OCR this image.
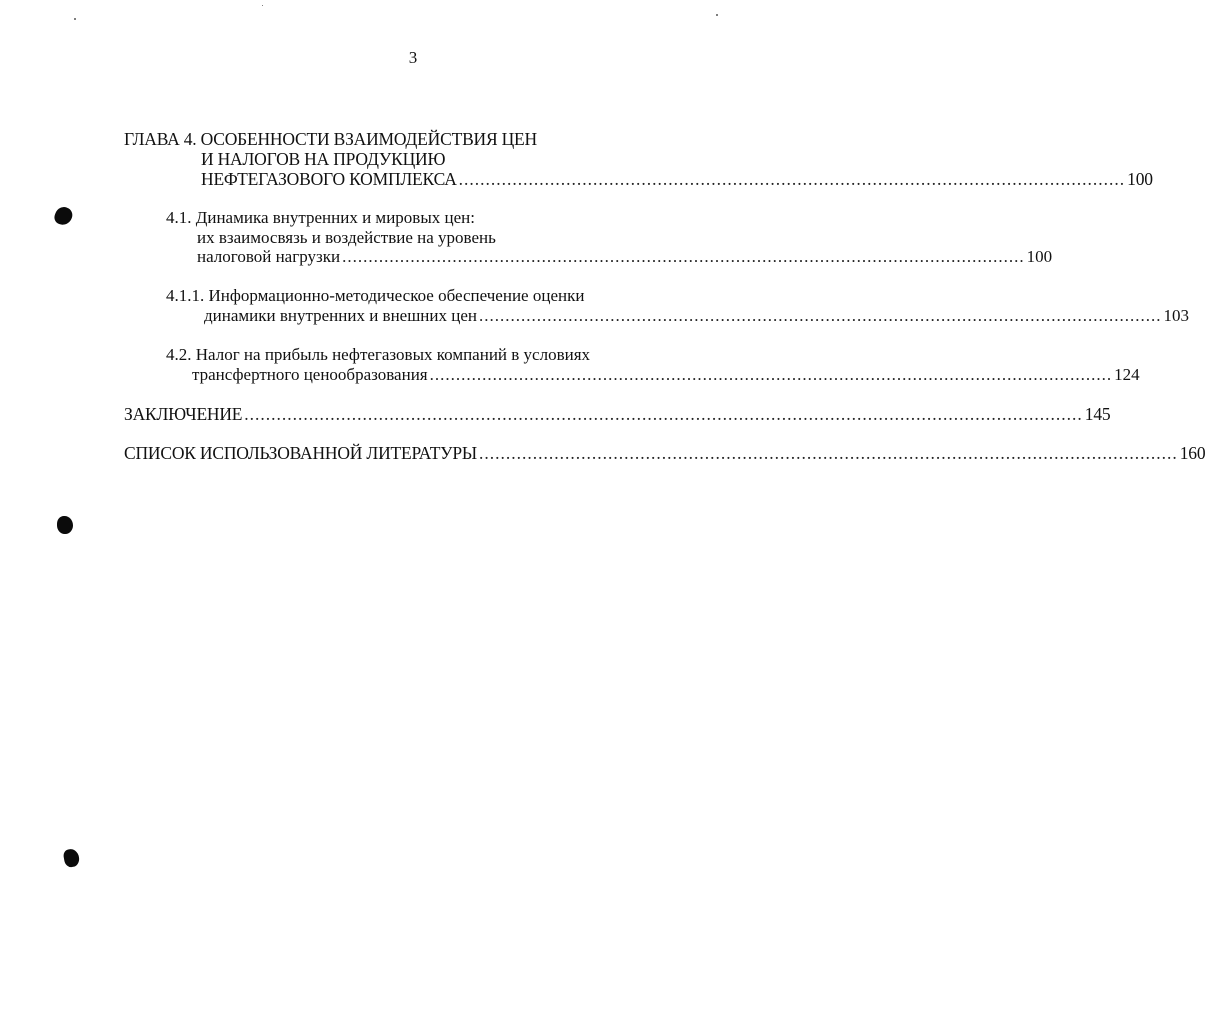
3
ГЛАВА 4. ОСОБЕННОСТИ ВЗАИМОДЕЙСТВИЯ ЦЕН
И НАЛОГОВ НА ПРОДУКЦИЮ
НЕФТЕГАЗОВОГО КОМПЛЕКСА ............................................................................................................................ 100
4.1. Динамика внутренних и мировых цен:
их взаимосвязь и воздействие на уровень
налоговой нагрузки .................................................................................................................................. 100
4.1.1. Информационно-методическое обеспечение оценки
динамики внутренних и внешних цен .................................................................................................................................. 103
4.2. Налог на прибыль нефтегазовых компаний в условиях
трансфертного ценообразования .................................................................................................................................. 124
ЗАКЛЮЧЕНИЕ ............................................................................................................................................................ 145
СПИСОК ИСПОЛЬЗОВАННОЙ ЛИТЕРАТУРЫ .................................................................................................................................. 160
